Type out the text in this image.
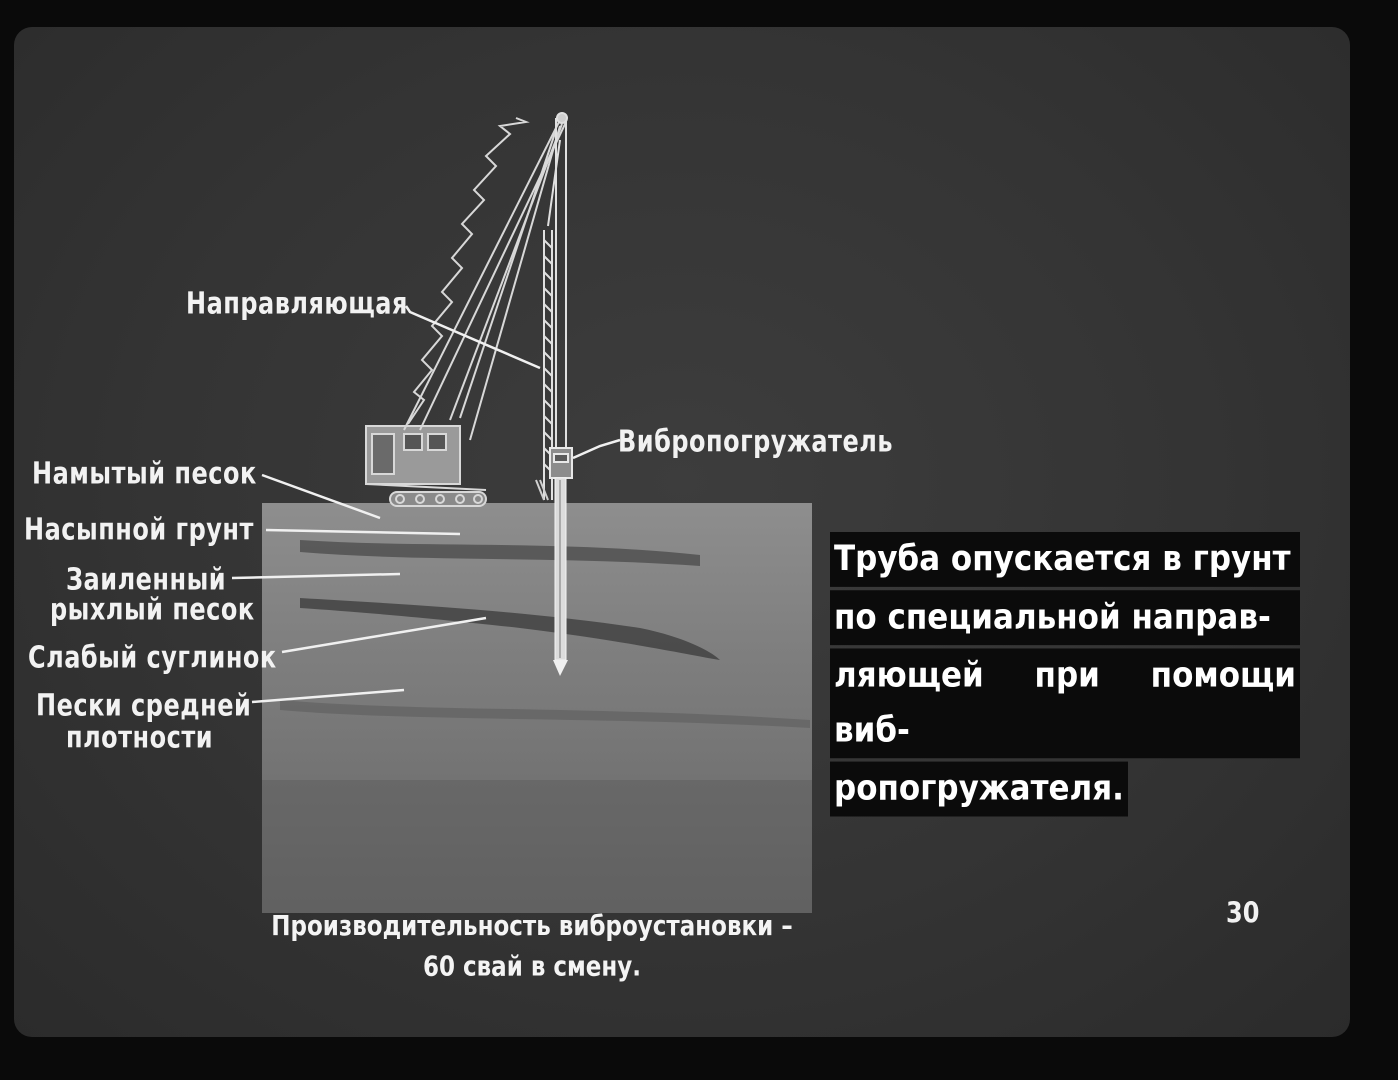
Направляющая
Вибропогружатель
Намытый песок
Насыпной грунт
Заиленный
рыхлый песок
Слабый суглинок
Пески средней
плотности
Труба опускается в грунт
по специальной направ-
ляющей при помощи виб-
ропогружателя.
Производительность виброустановки –
60 свай в смену.
30
